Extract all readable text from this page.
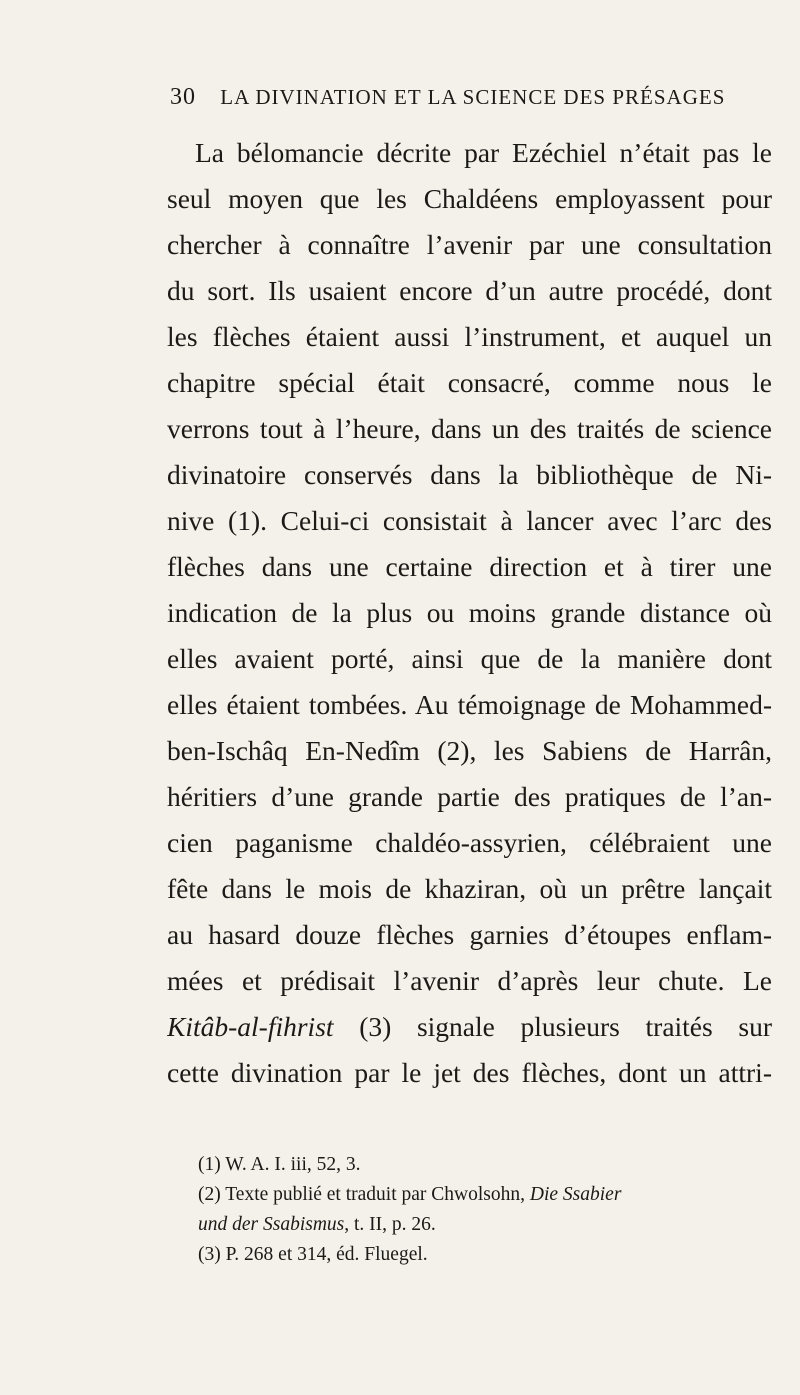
30 LA DIVINATION ET LA SCIENCE DES PRÉSAGES
La bélomancie décrite par Ezéchiel n’était pas le
seul moyen que les Chaldéens employassent pour
chercher à connaître l’avenir par une consultation
du sort. Ils usaient encore d’un autre procédé, dont
les flèches étaient aussi l’instrument, et auquel un
chapitre spécial était consacré, comme nous le
verrons tout à l’heure, dans un des traités de science
divinatoire conservés dans la bibliothèque de Ni-
nive (1). Celui-ci consistait à lancer avec l’arc des
flèches dans une certaine direction et à tirer une
indication de la plus ou moins grande distance où
elles avaient porté, ainsi que de la manière dont
elles étaient tombées. Au témoignage de Mohammed-
ben-Ischâq En-Nedîm (2), les Sabiens de Harrân,
héritiers d’une grande partie des pratiques de l’an-
cien paganisme chaldéo-assyrien, célébraient une
fête dans le mois de khaziran, où un prêtre lançait
au hasard douze flèches garnies d’étoupes enflam-
mées et prédisait l’avenir d’après leur chute. Le
Kitâb-al-fihrist (3) signale plusieurs traités sur
cette divination par le jet des flèches, dont un attri-
(1) W. A. I. iii, 52, 3.
(2) Texte publié et traduit par Chwolsohn, Die Ssabier
und der Ssabismus, t. II, p. 26.
(3) P. 268 et 314, éd. Fluegel.
